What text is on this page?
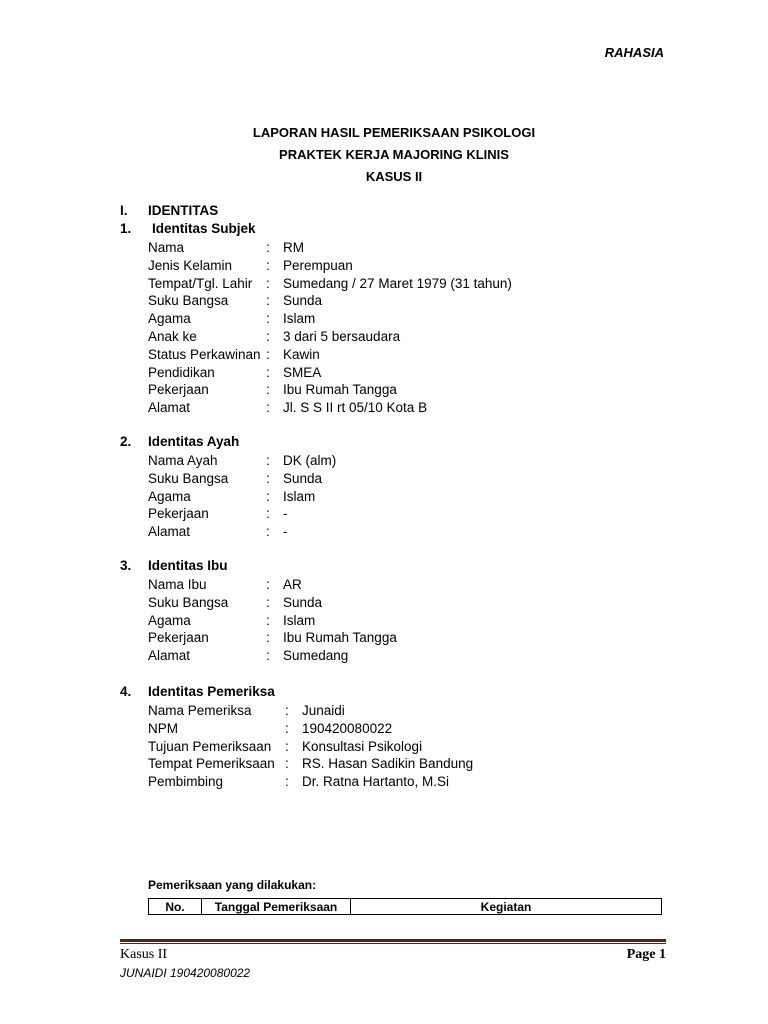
RAHASIA
LAPORAN HASIL PEMERIKSAAN PSIKOLOGI
PRAKTEK KERJA MAJORING KLINIS
KASUS II
I. IDENTITAS
1. Identitas Subjek
Nama	: RM
Jenis Kelamin	: Perempuan
Tempat/Tgl. Lahir : Sumedang / 27 Maret 1979 (31 tahun)
Suku Bangsa	: Sunda
Agama	: Islam
Anak ke	: 3 dari 5 bersaudara
Status Perkawinan : Kawin
Pendidikan	: SMEA
Pekerjaan	: Ibu Rumah Tangga
Alamat	: Jl. S S II rt 05/10 Kota B
2. Identitas Ayah
Nama Ayah	: DK (alm)
Suku Bangsa	: Sunda
Agama	: Islam
Pekerjaan	: -
Alamat	: -
3. Identitas Ibu
Nama Ibu	: AR
Suku Bangsa	: Sunda
Agama	: Islam
Pekerjaan	: Ibu Rumah Tangga
Alamat	: Sumedang
4. Identitas Pemeriksa
Nama Pemeriksa : Junaidi
NPM	: 190420080022
Tujuan Pemeriksaan : Konsultasi Psikologi
Tempat Pemeriksaan : RS. Hasan Sadikin Bandung
Pembimbing	: Dr. Ratna Hartanto, M.Si
Pemeriksaan yang dilakukan:
No.	Tanggal Pemeriksaan	Kegiatan
Kasus II	Page 1
JUNAIDI 190420080022
